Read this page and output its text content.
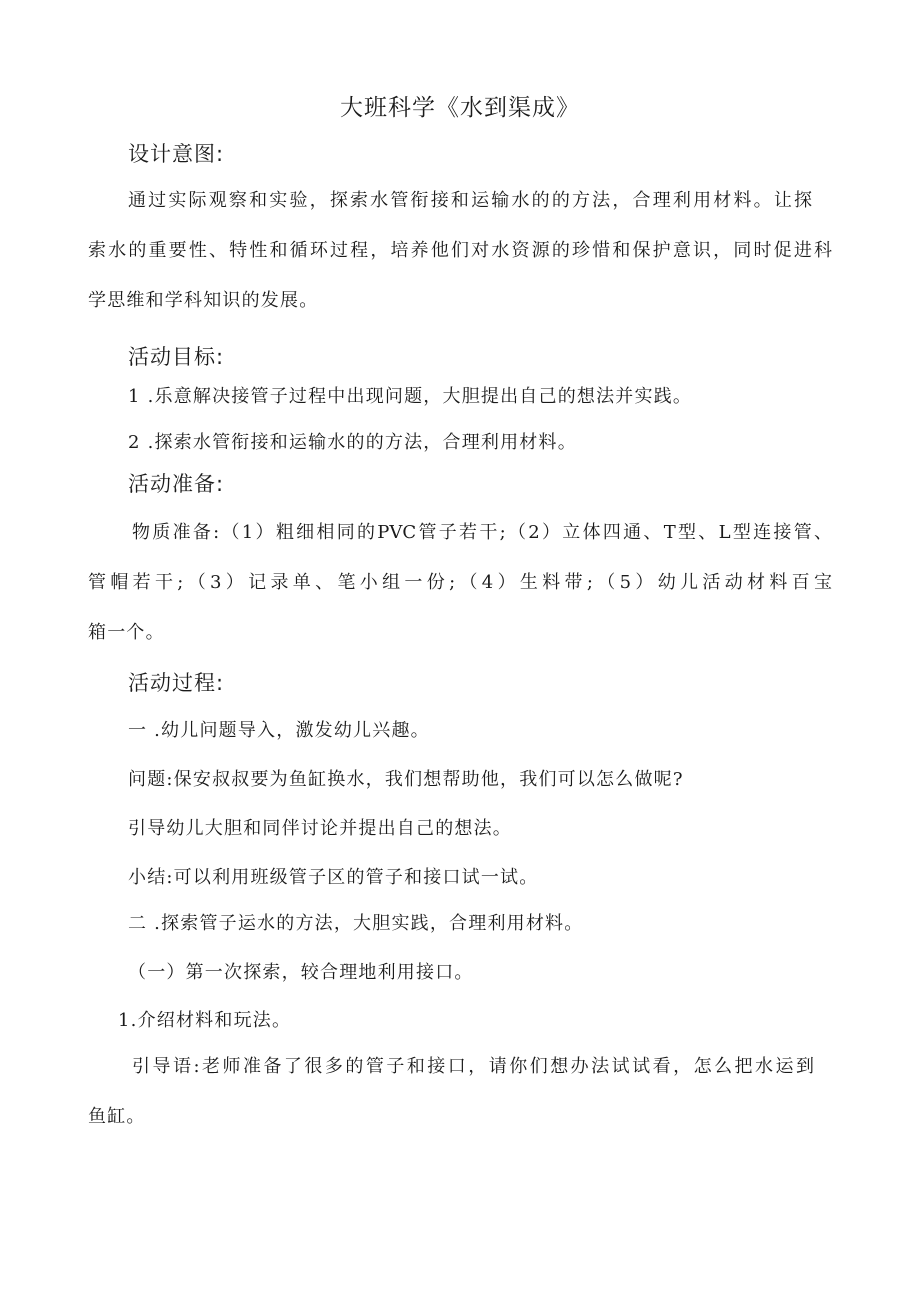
大班科学《水到渠成》
设计意图:
通过实际观察和实验，探索水管衔接和运输水的的方法，合理利用材料。让探
索水的重要性、特性和循环过程，培养他们对水资源的珍惜和保护意识，同时促进科
学思维和学科知识的发展。
活动目标:
1 .乐意解决接管子过程中出现问题，大胆提出自己的想法并实践。
2 .探索水管衔接和运输水的的方法，合理利用材料。
活动准备:
物质准备:（1）粗细相同的PVC管子若干;（2）立体四通、T型、L型连接管、
管帽若干;（3）记录单、笔小组一份;（4）生料带;（5）幼儿活动材料百宝
箱一个。
活动过程:
一 .幼儿问题导入，激发幼儿兴趣。
问题:保安叔叔要为鱼缸换水，我们想帮助他，我们可以怎么做呢?
引导幼儿大胆和同伴讨论并提出自己的想法。
小结:可以利用班级管子区的管子和接口试一试。
二 .探索管子运水的方法，大胆实践，合理利用材料。
（一）第一次探索，较合理地利用接口。
1.介绍材料和玩法。
引导语:老师准备了很多的管子和接口，请你们想办法试试看，怎么把水运到
鱼缸。
